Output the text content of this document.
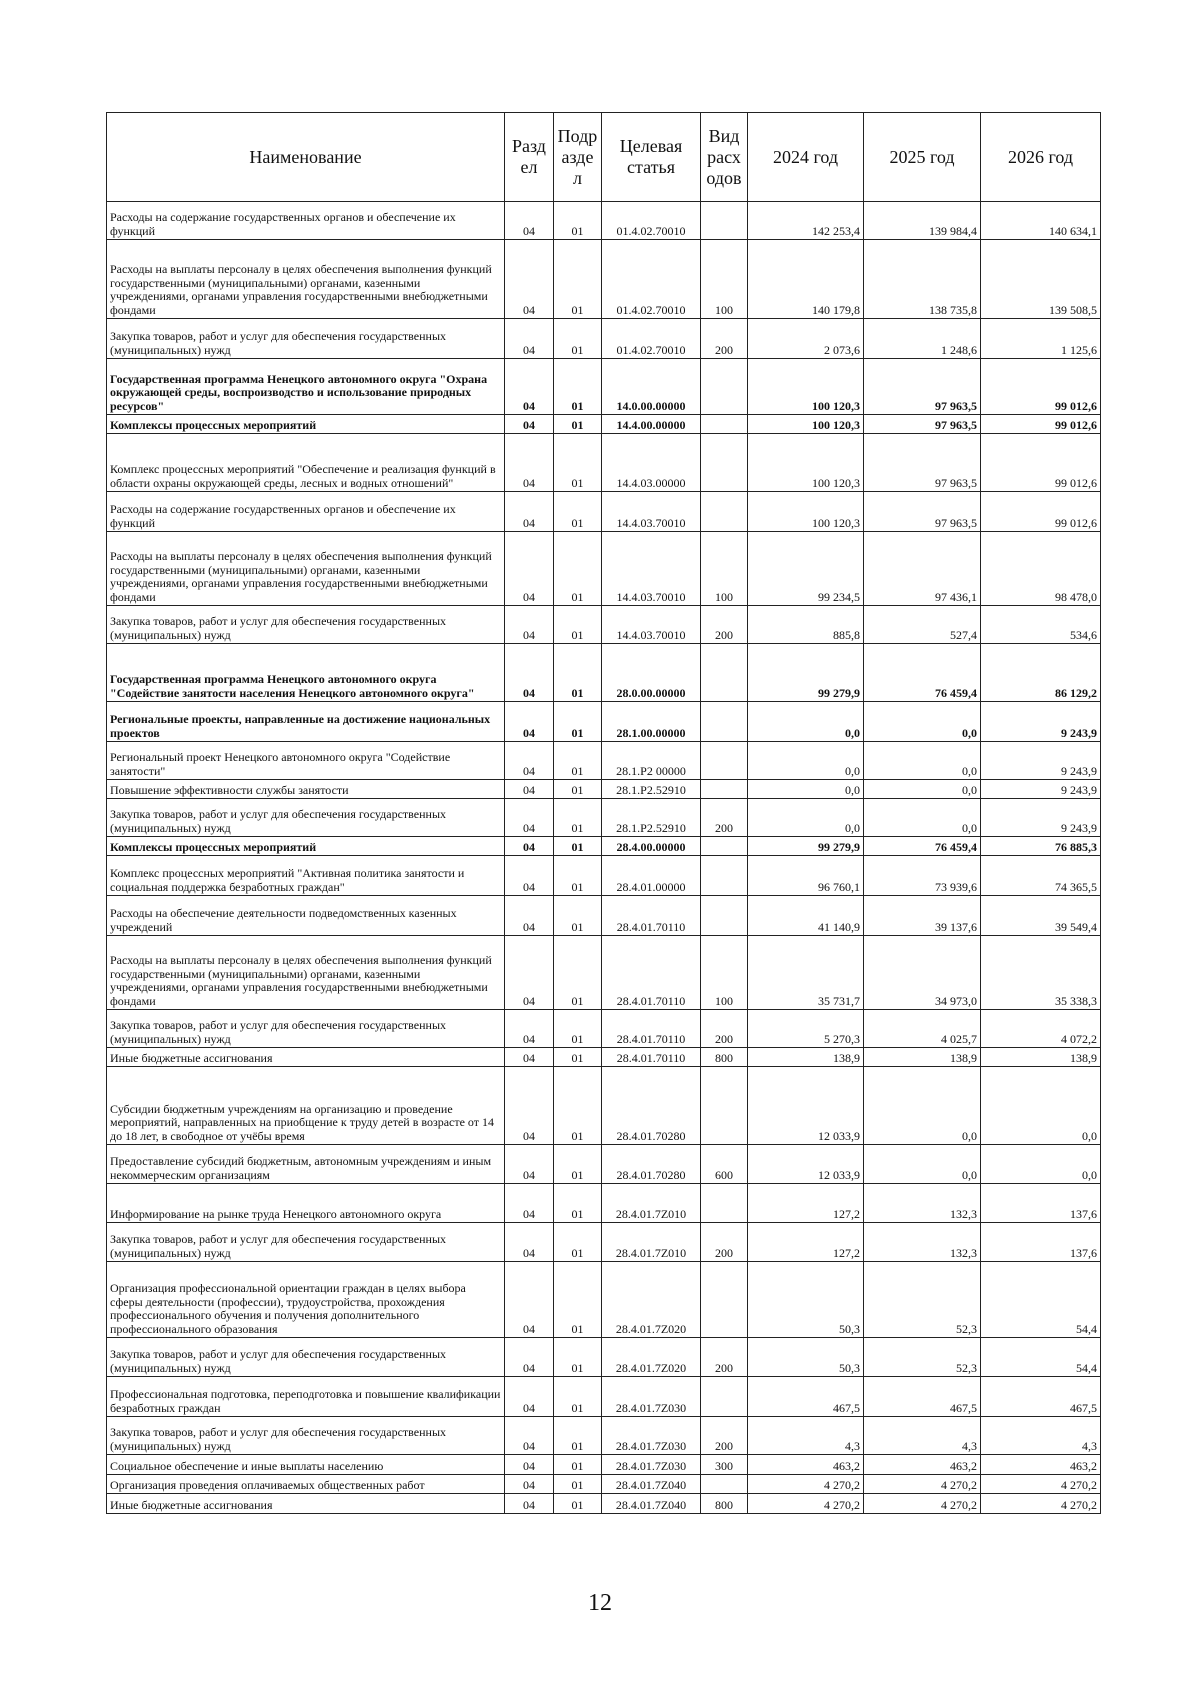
Наименование	Разд ел	Подр азде л	Целевая статья	Вид расх одов	2024 год	2025 год	2026 год
Расходы на содержание государственных органов и обеспечение их функций	04	01	01.4.02.70010		142 253,4	139 984,4	140 634,1
Расходы на выплаты персоналу в целях обеспечения выполнения функций государственными (муниципальными) органами, казенными учреждениями, органами управления государственными внебюджетными фондами	04	01	01.4.02.70010	100	140 179,8	138 735,8	139 508,5
Закупка товаров, работ и услуг для обеспечения государственных (муниципальных) нужд	04	01	01.4.02.70010	200	2 073,6	1 248,6	1 125,6
Государственная программа Ненецкого автономного округа "Охрана окружающей среды, воспроизводство и использование природных ресурсов"	04	01	14.0.00.00000		100 120,3	97 963,5	99 012,6
Комплексы процессных мероприятий	04	01	14.4.00.00000		100 120,3	97 963,5	99 012,6
Комплекс процессных мероприятий "Обеспечение и реализация функций в области охраны окружающей среды, лесных и водных отношений"	04	01	14.4.03.00000		100 120,3	97 963,5	99 012,6
Расходы на содержание государственных органов и обеспечение их функций	04	01	14.4.03.70010		100 120,3	97 963,5	99 012,6
Расходы на выплаты персоналу в целях обеспечения выполнения функций государственными (муниципальными) органами, казенными учреждениями, органами управления государственными внебюджетными фондами	04	01	14.4.03.70010	100	99 234,5	97 436,1	98 478,0
Закупка товаров, работ и услуг для обеспечения государственных (муниципальных) нужд	04	01	14.4.03.70010	200	885,8	527,4	534,6
Государственная программа Ненецкого автономного округа "Содействие занятости населения Ненецкого автономного округа"	04	01	28.0.00.00000		99 279,9	76 459,4	86 129,2
Региональные проекты, направленные на достижение национальных проектов	04	01	28.1.00.00000		0,0	0,0	9 243,9
Региональный проект Ненецкого автономного округа "Содействие занятости"	04	01	28.1.P2 00000		0,0	0,0	9 243,9
Повышение эффективности службы занятости	04	01	28.1.P2.52910		0,0	0,0	9 243,9
Закупка товаров, работ и услуг для обеспечения государственных (муниципальных) нужд	04	01	28.1.P2.52910	200	0,0	0,0	9 243,9
Комплексы процессных мероприятий	04	01	28.4.00.00000		99 279,9	76 459,4	76 885,3
Комплекс процессных мероприятий "Активная политика занятости и социальная поддержка безработных граждан"	04	01	28.4.01.00000		96 760,1	73 939,6	74 365,5
Расходы на обеспечение деятельности подведомственных казенных учреждений	04	01	28.4.01.70110		41 140,9	39 137,6	39 549,4
Расходы на выплаты персоналу в целях обеспечения выполнения функций государственными (муниципальными) органами, казенными учреждениями, органами управления государственными внебюджетными фондами	04	01	28.4.01.70110	100	35 731,7	34 973,0	35 338,3
Закупка товаров, работ и услуг для обеспечения государственных (муниципальных) нужд	04	01	28.4.01.70110	200	5 270,3	4 025,7	4 072,2
Иные бюджетные ассигнования	04	01	28.4.01.70110	800	138,9	138,9	138,9
Субсидии бюджетным учреждениям на организацию и проведение мероприятий, направленных на приобщение к труду детей в возрасте от 14 до 18 лет, в свободное от учёбы время	04	01	28.4.01.70280		12 033,9	0,0	0,0
Предоставление субсидий бюджетным, автономным учреждениям и иным некоммерческим организациям	04	01	28.4.01.70280	600	12 033,9	0,0	0,0
Информирование на рынке труда Ненецкого автономного округа	04	01	28.4.01.7Z010		127,2	132,3	137,6
Закупка товаров, работ и услуг для обеспечения государственных (муниципальных) нужд	04	01	28.4.01.7Z010	200	127,2	132,3	137,6
Организация профессиональной ориентации граждан в целях выбора сферы деятельности (профессии), трудоустройства, прохождения профессионального обучения и получения дополнительного профессионального образования	04	01	28.4.01.7Z020		50,3	52,3	54,4
Закупка товаров, работ и услуг для обеспечения государственных (муниципальных) нужд	04	01	28.4.01.7Z020	200	50,3	52,3	54,4
Профессиональная подготовка, переподготовка и повышение квалификации безработных граждан	04	01	28.4.01.7Z030		467,5	467,5	467,5
Закупка товаров, работ и услуг для обеспечения государственных (муниципальных) нужд	04	01	28.4.01.7Z030	200	4,3	4,3	4,3
Социальное обеспечение и иные выплаты населению	04	01	28.4.01.7Z030	300	463,2	463,2	463,2
Организация проведения оплачиваемых общественных работ	04	01	28.4.01.7Z040		4 270,2	4 270,2	4 270,2
Иные бюджетные ассигнования	04	01	28.4.01.7Z040	800	4 270,2	4 270,2	4 270,2
12
